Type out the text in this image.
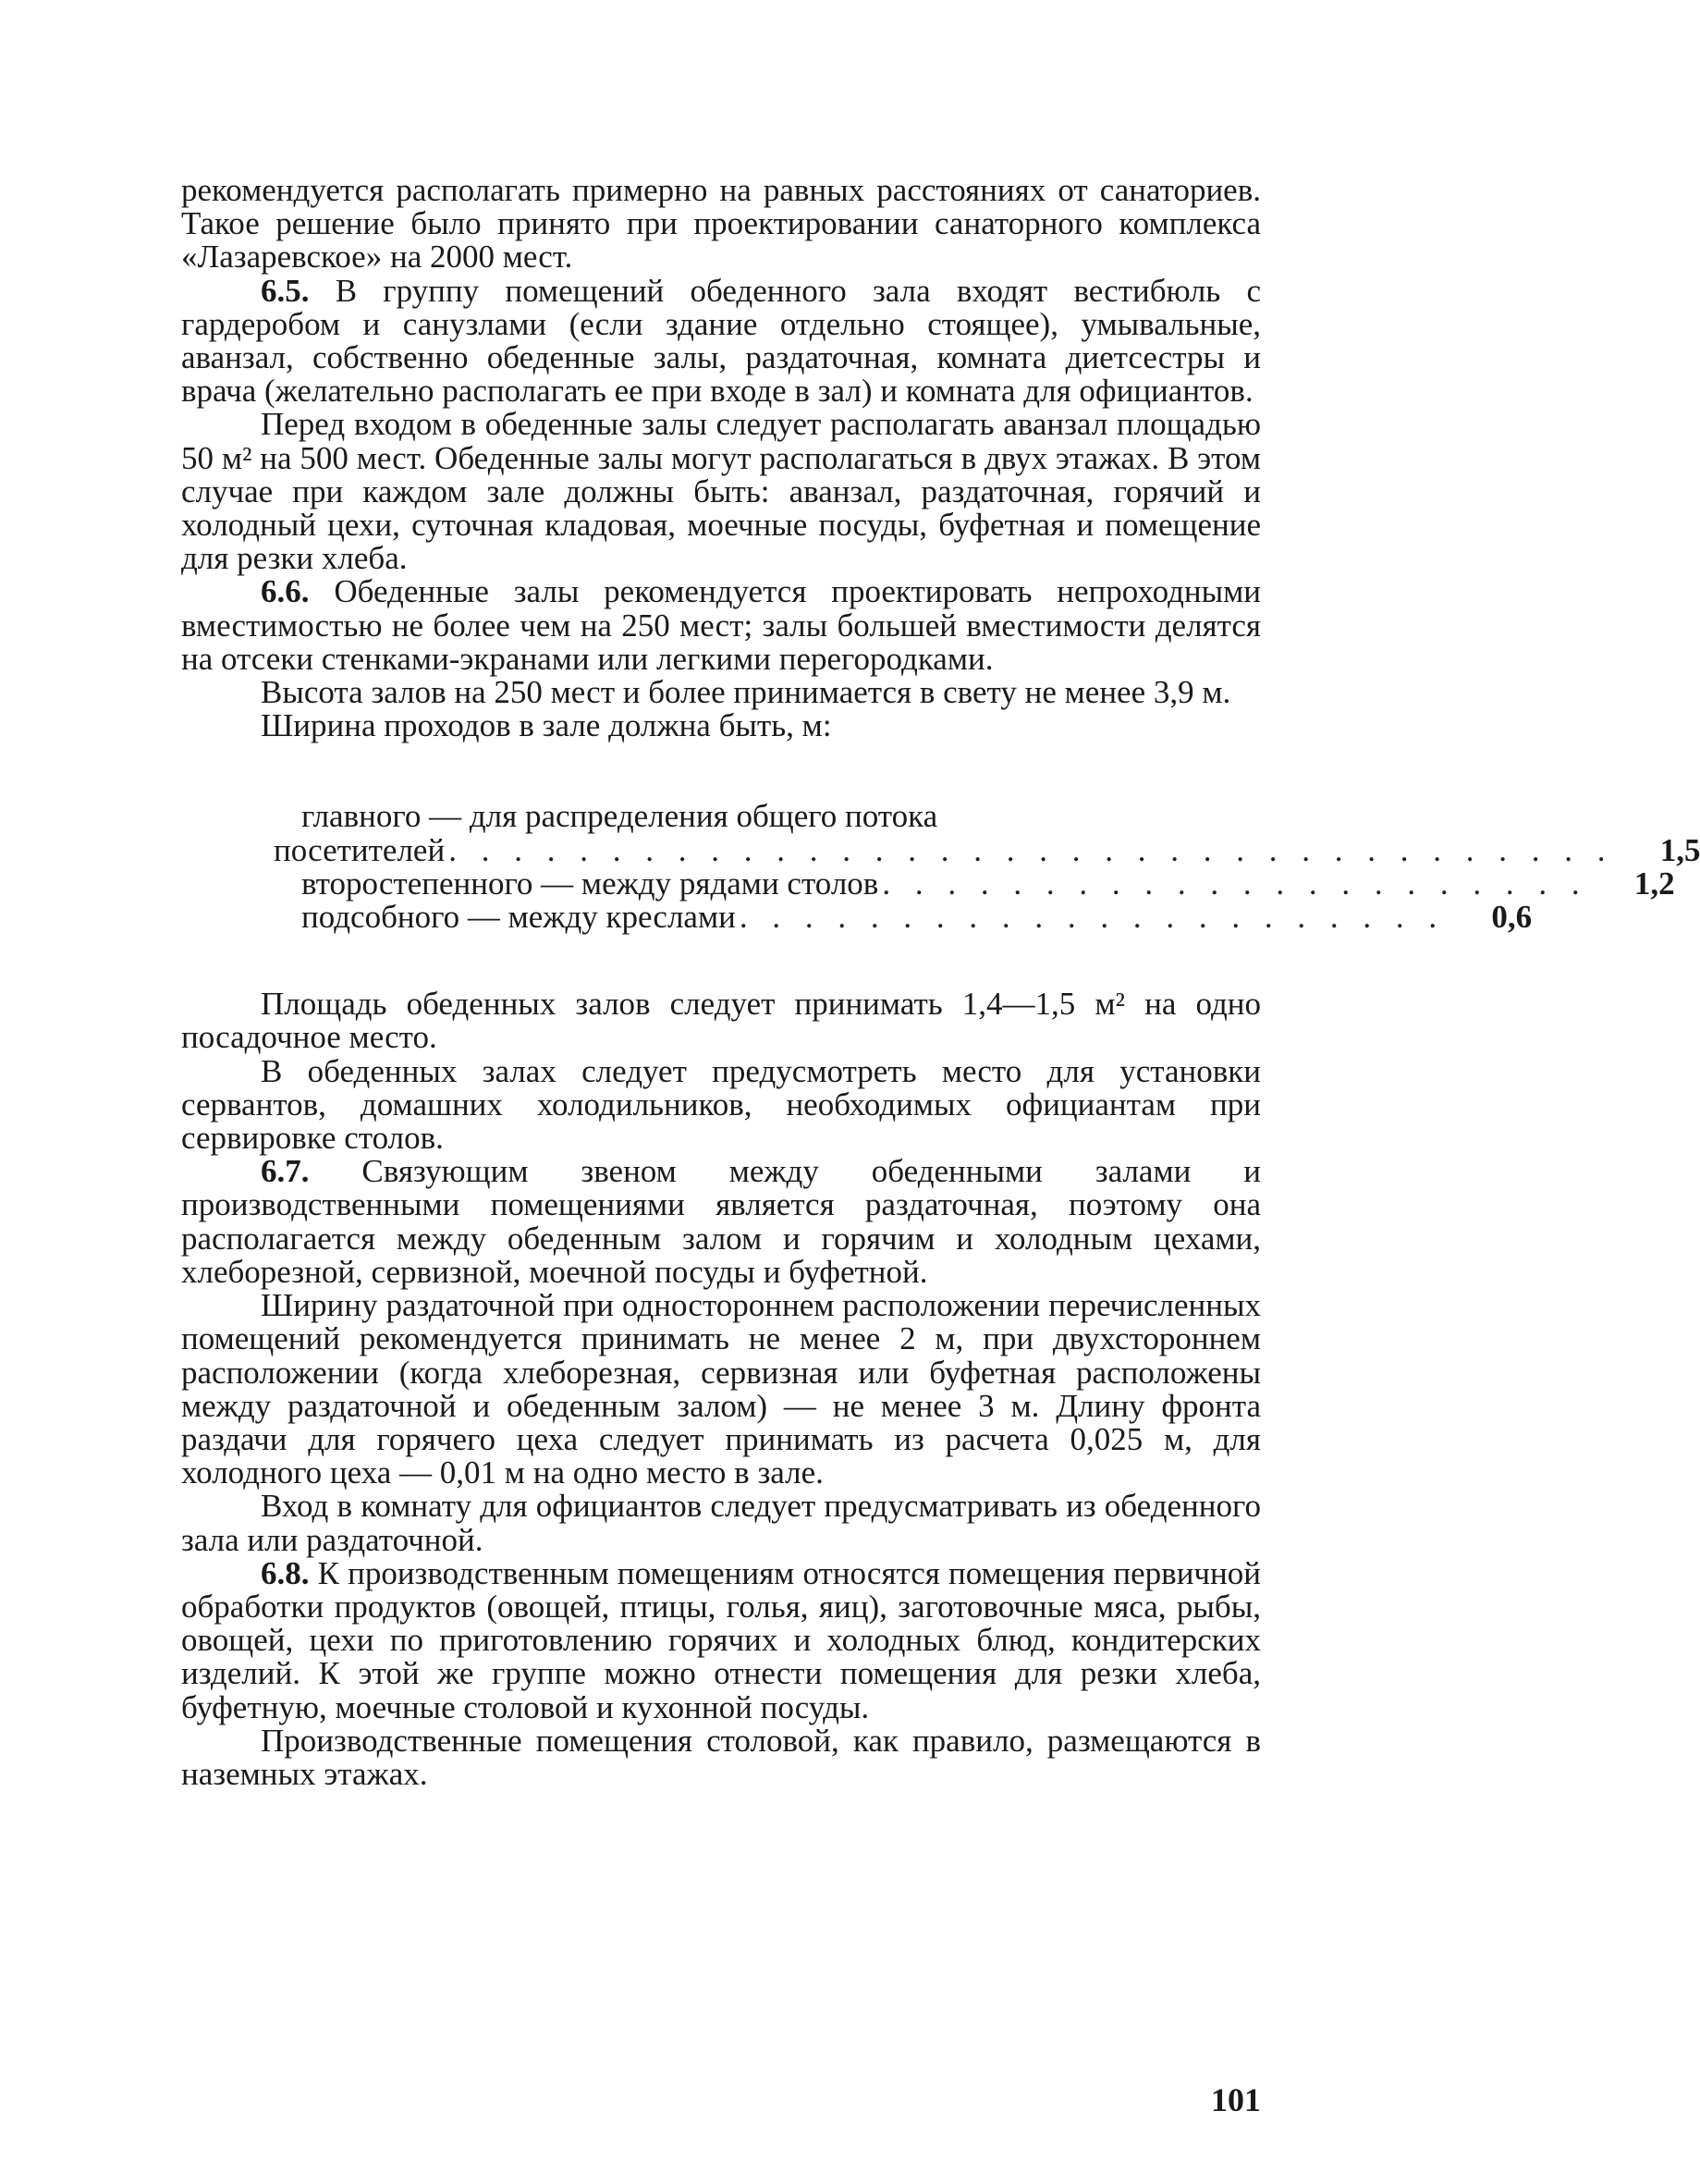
рекомендуется располагать примерно на равных расстояниях от санаториев. Такое решение было принято при проектировании санаторного комплекса «Лазаревское» на 2000 мест.

6.5. В группу помещений обеденного зала входят вестибюль с гардеробом и санузлами (если здание отдельно стоящее), умывальные, аванзал, собственно обеденные залы, раздаточная, комната диетсестры и врача (желательно располагать ее при входе в зал) и комната для официантов.

Перед входом в обеденные залы следует располагать аванзал площадью 50 м² на 500 мест. Обеденные залы могут располагаться в двух этажах. В этом случае при каждом зале должны быть: аванзал, раздаточная, горячий и холодный цехи, суточная кладовая, моечные посуды, буфетная и помещение для резки хлеба.

6.6. Обеденные залы рекомендуется проектировать непроходными вместимостью не более чем на 250 мест; залы большей вместимости делятся на отсеки стенками-экранами или легкими перегородками.

Высота залов на 250 мест и более принимается в свету не менее 3,9 м.

Ширина проходов в зале должна быть, м:

главного — для распределения общего потока
посетителей . . . . . . . . . . . . . . . . . . . . . . . . . . . . . . . . . . . .	1,5
второстепенного — между рядами столов . . . . . . . . . . . . . . . . . . . . . .	1,2
подсобного — между креслами . . . . . . . . . . . . . . . . . . . . . .	0,6

Площадь обеденных залов следует принимать 1,4—1,5 м² на одно посадочное место.

В обеденных залах следует предусмотреть место для установки сервантов, домашних холодильников, необходимых официантам при сервировке столов.

6.7. Связующим звеном между обеденными залами и производственными помещениями является раздаточная, поэтому она располагается между обеденным залом и горячим и холодным цехами, хлеборезной, сервизной, моечной посуды и буфетной.

Ширину раздаточной при одностороннем расположении перечисленных помещений рекомендуется принимать не менее 2 м, при двухстороннем расположении (когда хлеборезная, сервизная или буфетная расположены между раздаточной и обеденным залом) — не менее 3 м. Длину фронта раздачи для горячего цеха следует принимать из расчета 0,025 м, для холодного цеха — 0,01 м на одно место в зале.

Вход в комнату для официантов следует предусматривать из обеденного зала или раздаточной.

6.8. К производственным помещениям относятся помещения первичной обработки продуктов (овощей, птицы, голья, яиц), заготовочные мяса, рыбы, овощей, цехи по приготовлению горячих и холодных блюд, кондитерских изделий. К этой же группе можно отнести помещения для резки хлеба, буфетную, моечные столовой и кухонной посуды.

Производственные помещения столовой, как правило, размещаются в наземных этажах.

101
